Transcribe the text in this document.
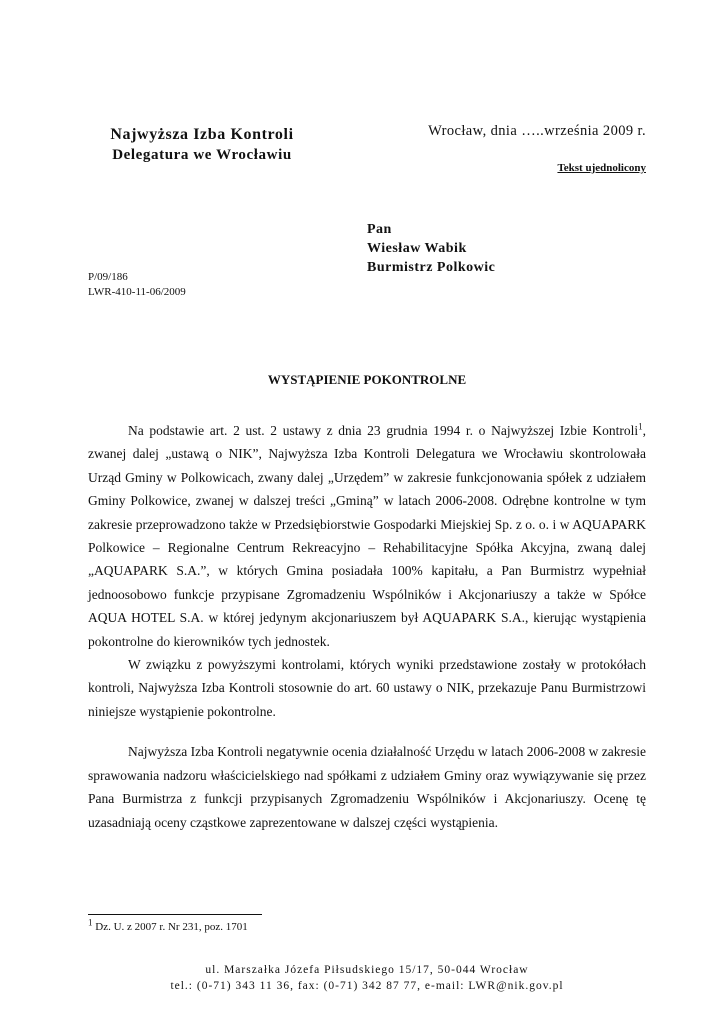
Najwyższa Izba Kontroli
Delegatura we Wrocławiu
Wrocław, dnia …..września 2009 r.
Tekst ujednolicony
Pan
Wiesław Wabik
Burmistrz Polkowic
P/09/186
LWR-410-11-06/2009
WYSTĄPIENIE POKONTROLNE

Na podstawie art. 2 ust. 2 ustawy z dnia 23 grudnia 1994 r. o Najwyższej Izbie Kontroli$^1$, zwanej dalej „ustawą o NIK”, Najwyższa Izba Kontroli Delegatura we Wrocławiu skontrolowała Urząd Gminy w Polkowicach, zwany dalej „Urzędem” w zakresie funkcjonowania spółek z udziałem Gminy Polkowice, zwanej w dalszej treści „Gminą” w latach 2006-2008. Odrębne kontrolne w tym zakresie przeprowadzono także w Przedsiębiorstwie Gospodarki Miejskiej Sp. z o. o. i w AQUAPARK Polkowice – Regionalne Centrum Rekreacyjno – Rehabilitacyjne Spółka Akcyjna, zwaną dalej „AQUAPARK S.A.”, w których Gmina posiadała 100% kapitału, a Pan Burmistrz wypełniał jednoosobowo funkcje przypisane Zgromadzeniu Wspólników i Akcjonariuszy a także w Spółce AQUA HOTEL S.A. w której jedynym akcjonariuszem był AQUAPARK S.A., kierując wystąpienia pokontrolne do kierowników tych jednostek.

W związku z powyższymi kontrolami, których wyniki przedstawione zostały w protokółach kontroli, Najwyższa Izba Kontroli stosownie do art. 60 ustawy o NIK, przekazuje Panu Burmistrzowi niniejsze wystąpienie pokontrolne.

Najwyższa Izba Kontroli negatywnie ocenia działalność Urzędu w latach 2006-2008 w zakresie sprawowania nadzoru właścicielskiego nad spółkami z udziałem Gminy oraz wywiązywanie się przez Pana Burmistrza z funkcji przypisanych Zgromadzeniu Wspólników i Akcjonariuszy. Ocenę tę uzasadniają oceny cząstkowe zaprezentowane w dalszej części wystąpienia.

$^1$ Dz. U. z 2007 r. Nr 231, poz. 1701
ul. Marszałka Józefa Piłsudskiego 15/17, 50-044 Wrocław
tel.: (0-71) 343 11 36, fax: (0-71) 342 87 77, e-mail: LWR@nik.gov.pl
